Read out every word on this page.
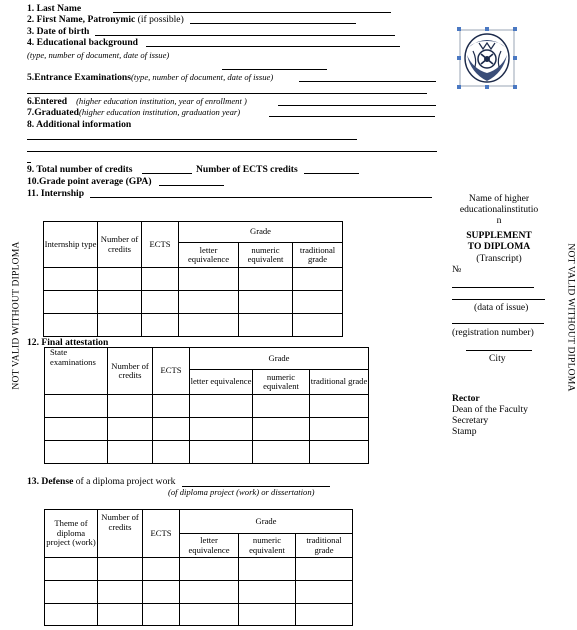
NOT VALID WITHOUT DIPLOMA	NOT VALID WITHOUT DIPLOMA
1. Last Name
2. First Name, Patronymic (if possible)
3. Date of birth
4. Educational background
(type, number of document, date of issue)
5.Entrance Examinations(type, number of document, date of issue)
6.Entered (higher education institution, year of enrollment )
7.Graduated(higher education institution, graduation year)
8. Additional information
9. Total number of credits	Number of ECTS credits
10.Grade point average (GPA)
11. Internship
Internship type	Number of credits	ECTS	Grade		
			letter equivalence	numeric equivalent	traditional grade

12. Final attestation
State examinations	Number of credits	ECTS	Grade		
			letter equivalence	numeric equivalent	traditional grade

13. Defense of a diploma project work
(of diploma project (work) or dissertation)
Theme of diploma project (work)	Number of credits	ECTS	Grade		
			letter equivalence	numeric equivalent	traditional grade

Name of higher
educationalinstitutio
n
SUPPLEMENT
TO DIPLOMA
(Transcript)
№
(data of issue)
(registration number)
City
Rector
Dean of the Faculty
Secretary
Stamp
